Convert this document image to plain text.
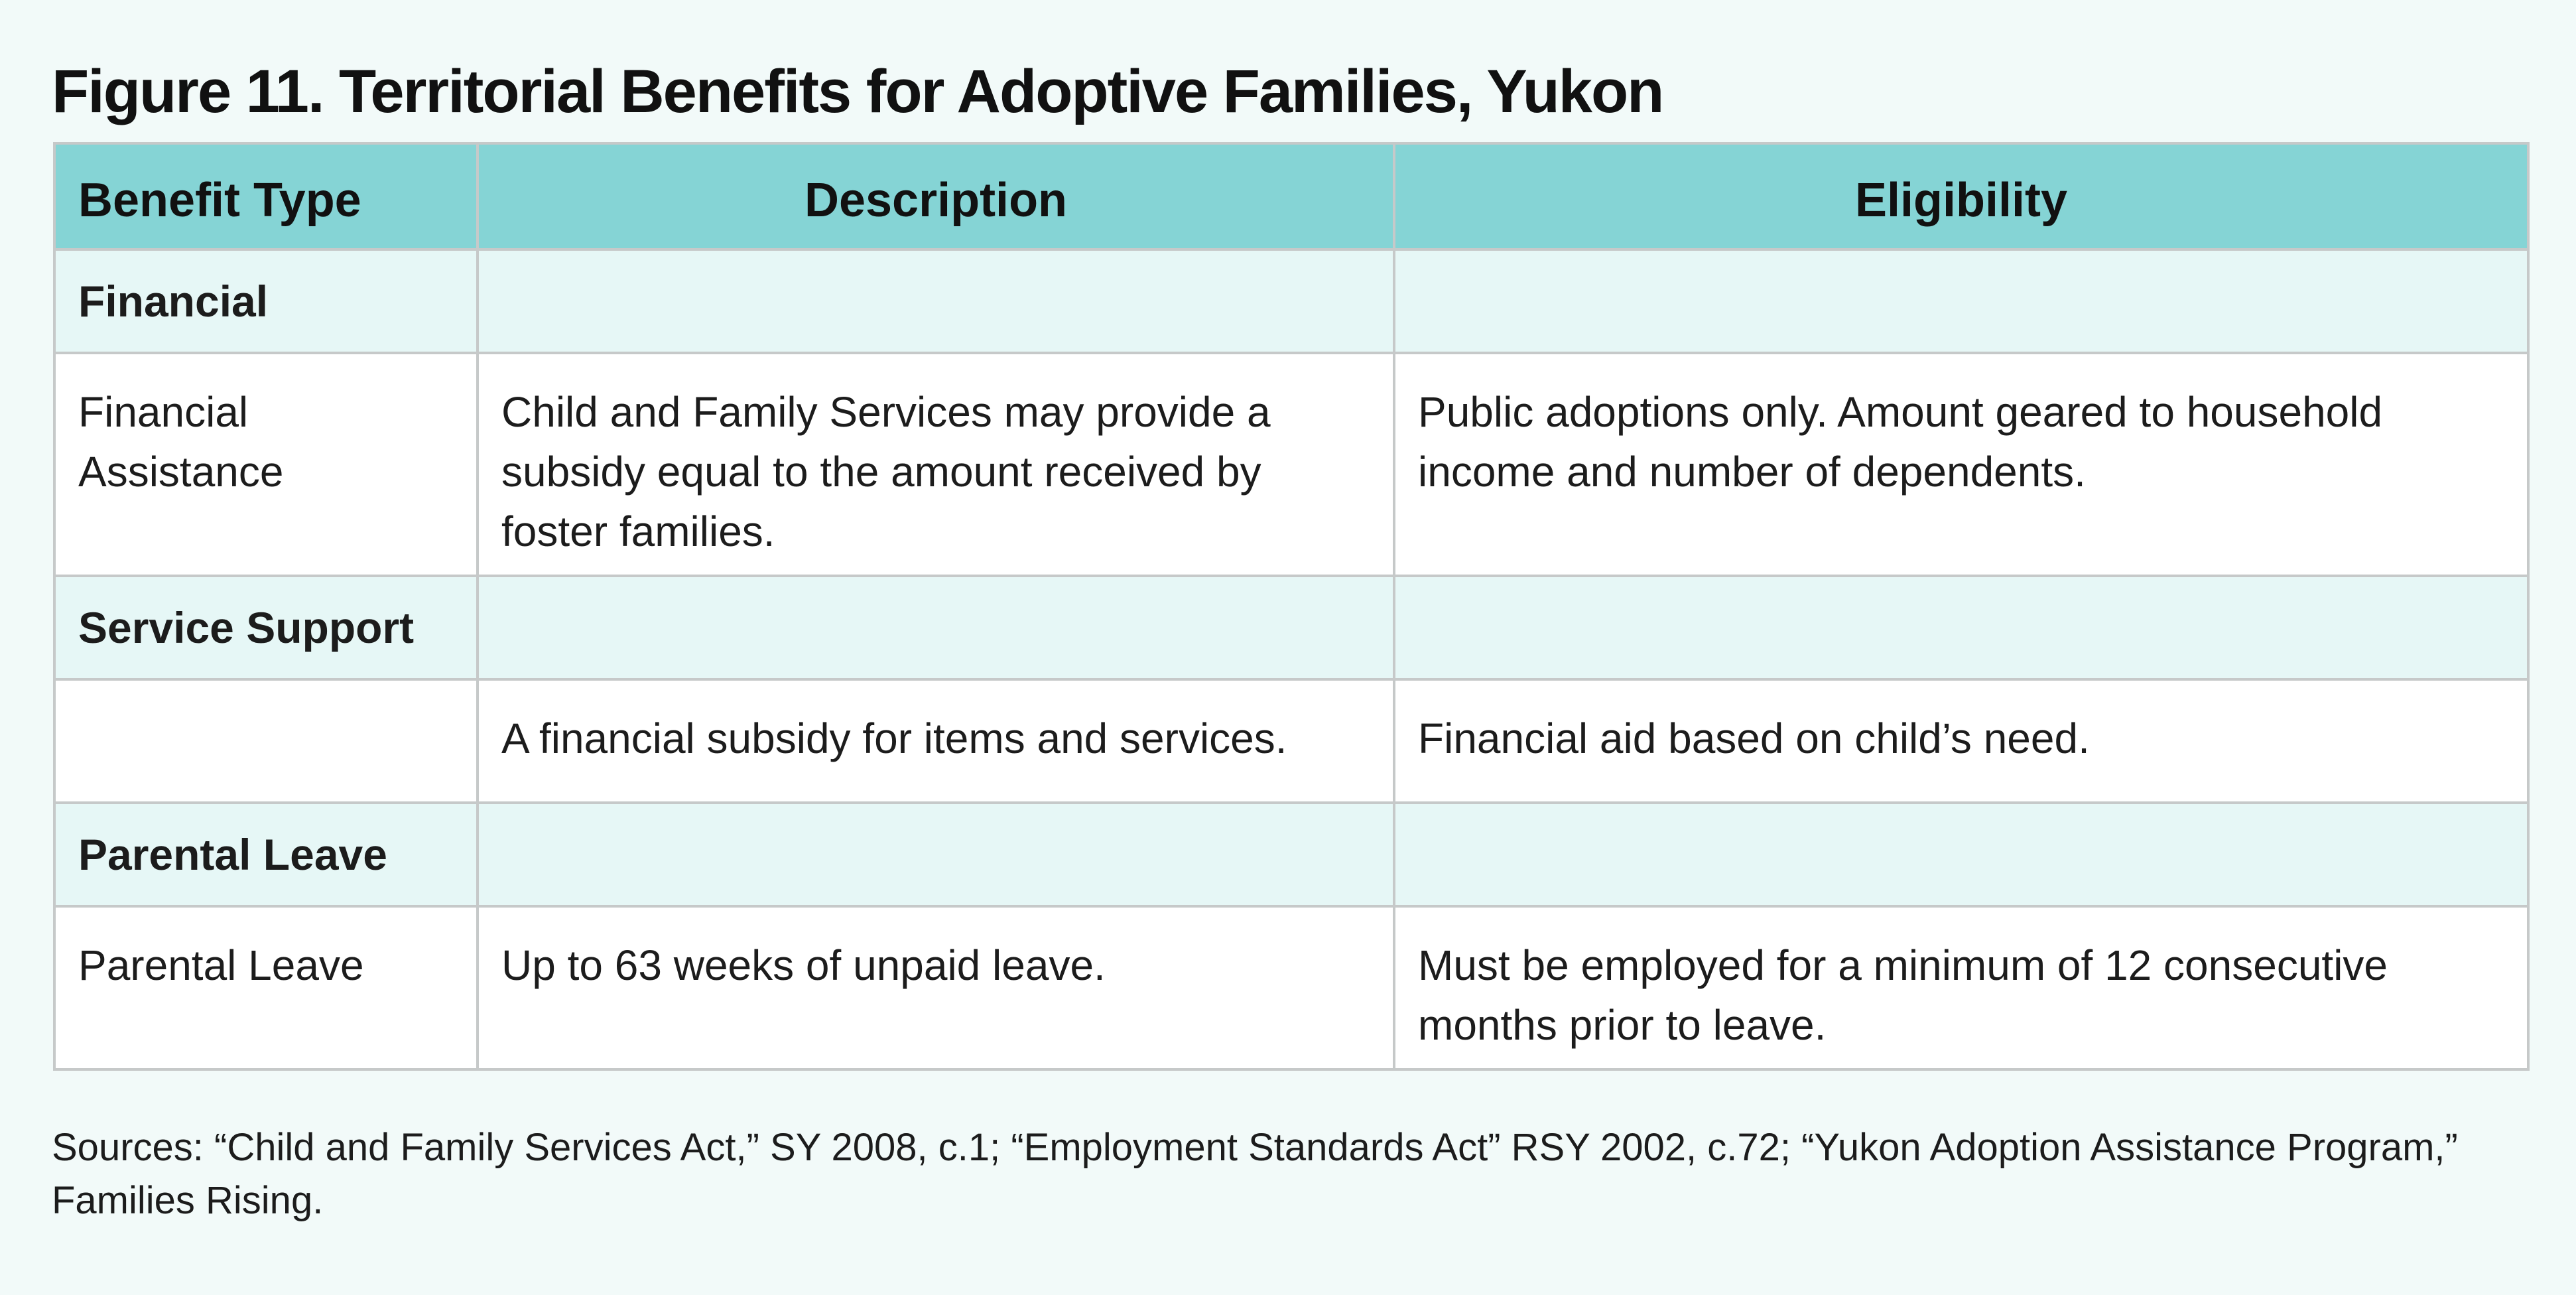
Figure 11. Territorial Benefits for Adoptive Families, Yukon
Benefit Type	Description	Eligibility
Financial		
Financial Assistance	Child and Family Services may provide a subsidy equal to the amount received by foster families.	Public adoptions only. Amount geared to household income and number of dependents.
Service Support		
	A financial subsidy for items and services.	Financial aid based on child’s need.
Parental Leave		
Parental Leave	Up to 63 weeks of unpaid leave.	Must be employed for a minimum of 12 consecutive months prior to leave.

Sources: “Child and Family Services Act,” SY 2008, c.1; “Employment Standards Act” RSY 2002, c.72; “Yukon Adoption Assistance Program,” Families Rising.
